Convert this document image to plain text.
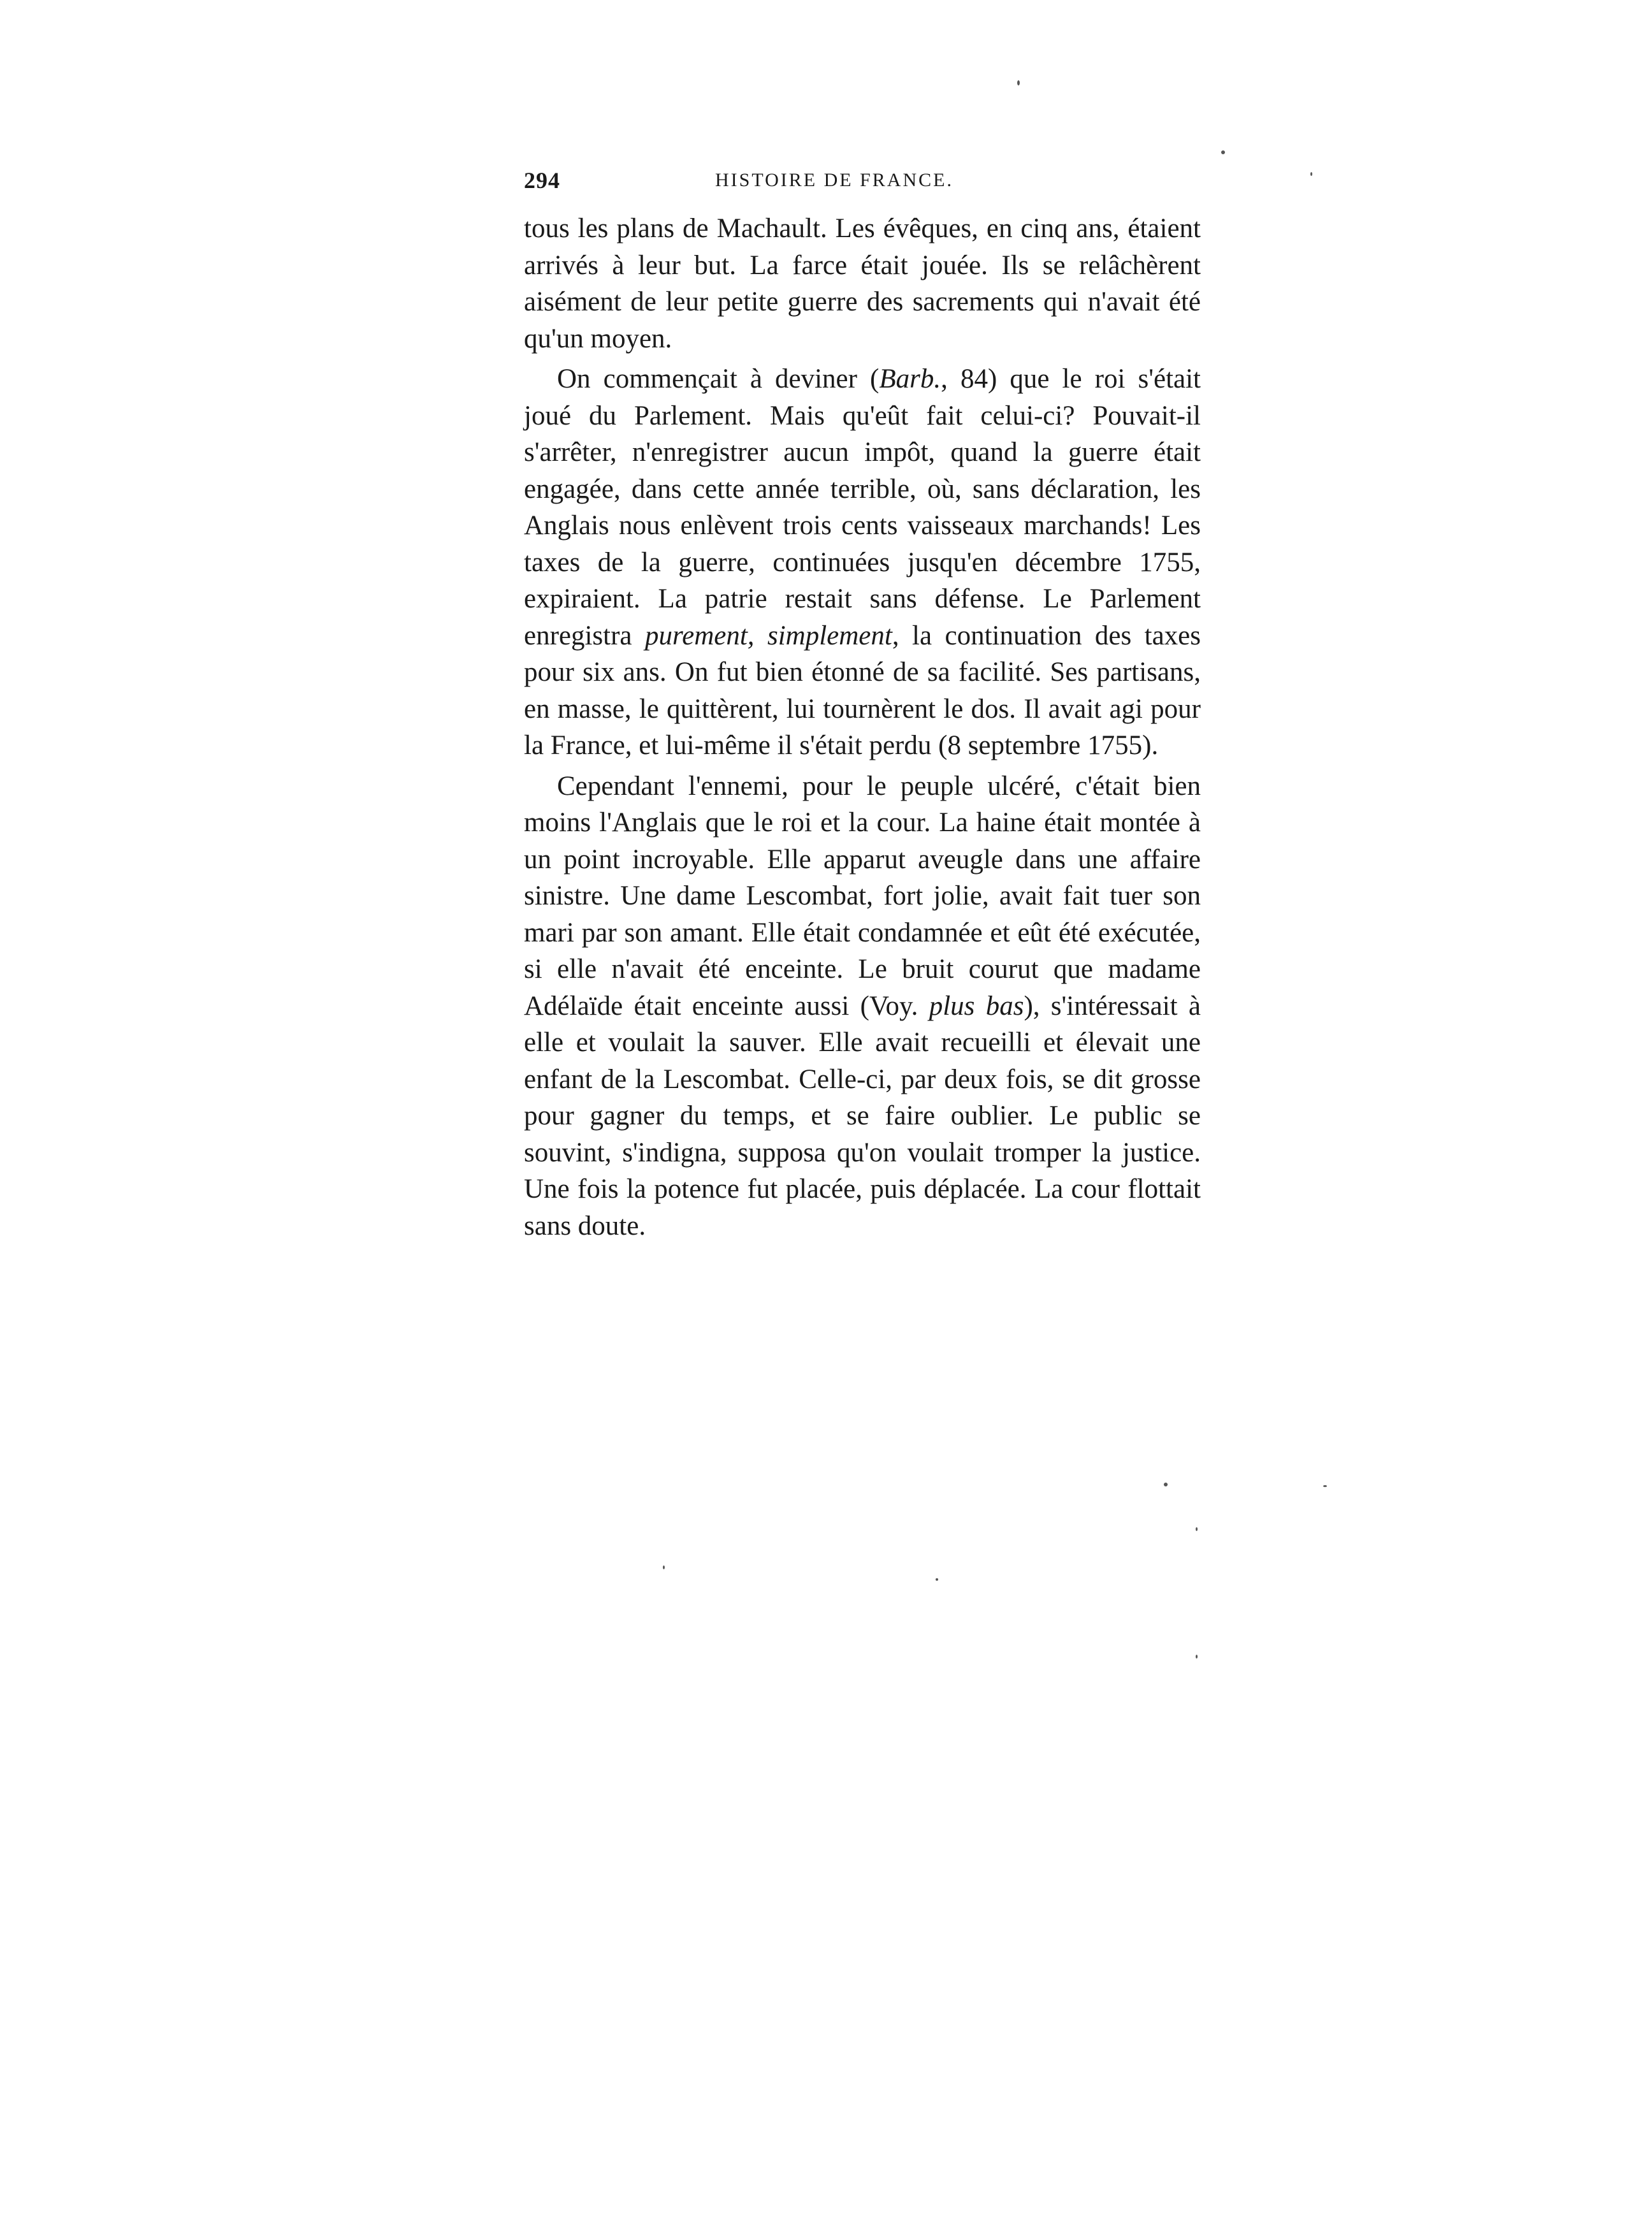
294	HISTOIRE DE FRANCE.

tous les plans de Machault. Les évêques, en cinq ans, étaient arrivés à leur but. La farce était jouée. Ils se relâchèrent aisément de leur petite guerre des sacrements qui n'avait été qu'un moyen.

On commençait à deviner (Barb., 84) que le roi s'était joué du Parlement. Mais qu'eût fait celui-ci? Pouvait-il s'arrêter, n'enregistrer aucun impôt, quand la guerre était engagée, dans cette année terrible, où, sans déclaration, les Anglais nous enlèvent trois cents vaisseaux marchands! Les taxes de la guerre, continuées jusqu'en décembre 1755, expiraient. La patrie restait sans défense. Le Parlement enregistra purement, simplement, la continuation des taxes pour six ans. On fut bien étonné de sa facilité. Ses partisans, en masse, le quittèrent, lui tournèrent le dos. Il avait agi pour la France, et lui-même il s'était perdu (8 septembre 1755).

Cependant l'ennemi, pour le peuple ulcéré, c'était bien moins l'Anglais que le roi et la cour. La haine était montée à un point incroyable. Elle apparut aveugle dans une affaire sinistre. Une dame Lescombat, fort jolie, avait fait tuer son mari par son amant. Elle était condamnée et eût été exécutée, si elle n'avait été enceinte. Le bruit courut que madame Adélaïde était enceinte aussi (Voy. plus bas), s'intéressait à elle et voulait la sauver. Elle avait recueilli et élevait une enfant de la Lescombat. Celle-ci, par deux fois, se dit grosse pour gagner du temps, et se faire oublier. Le public se souvint, s'indigna, supposa qu'on voulait tromper la justice. Une fois la potence fut placée, puis déplacée. La cour flottait sans doute.
